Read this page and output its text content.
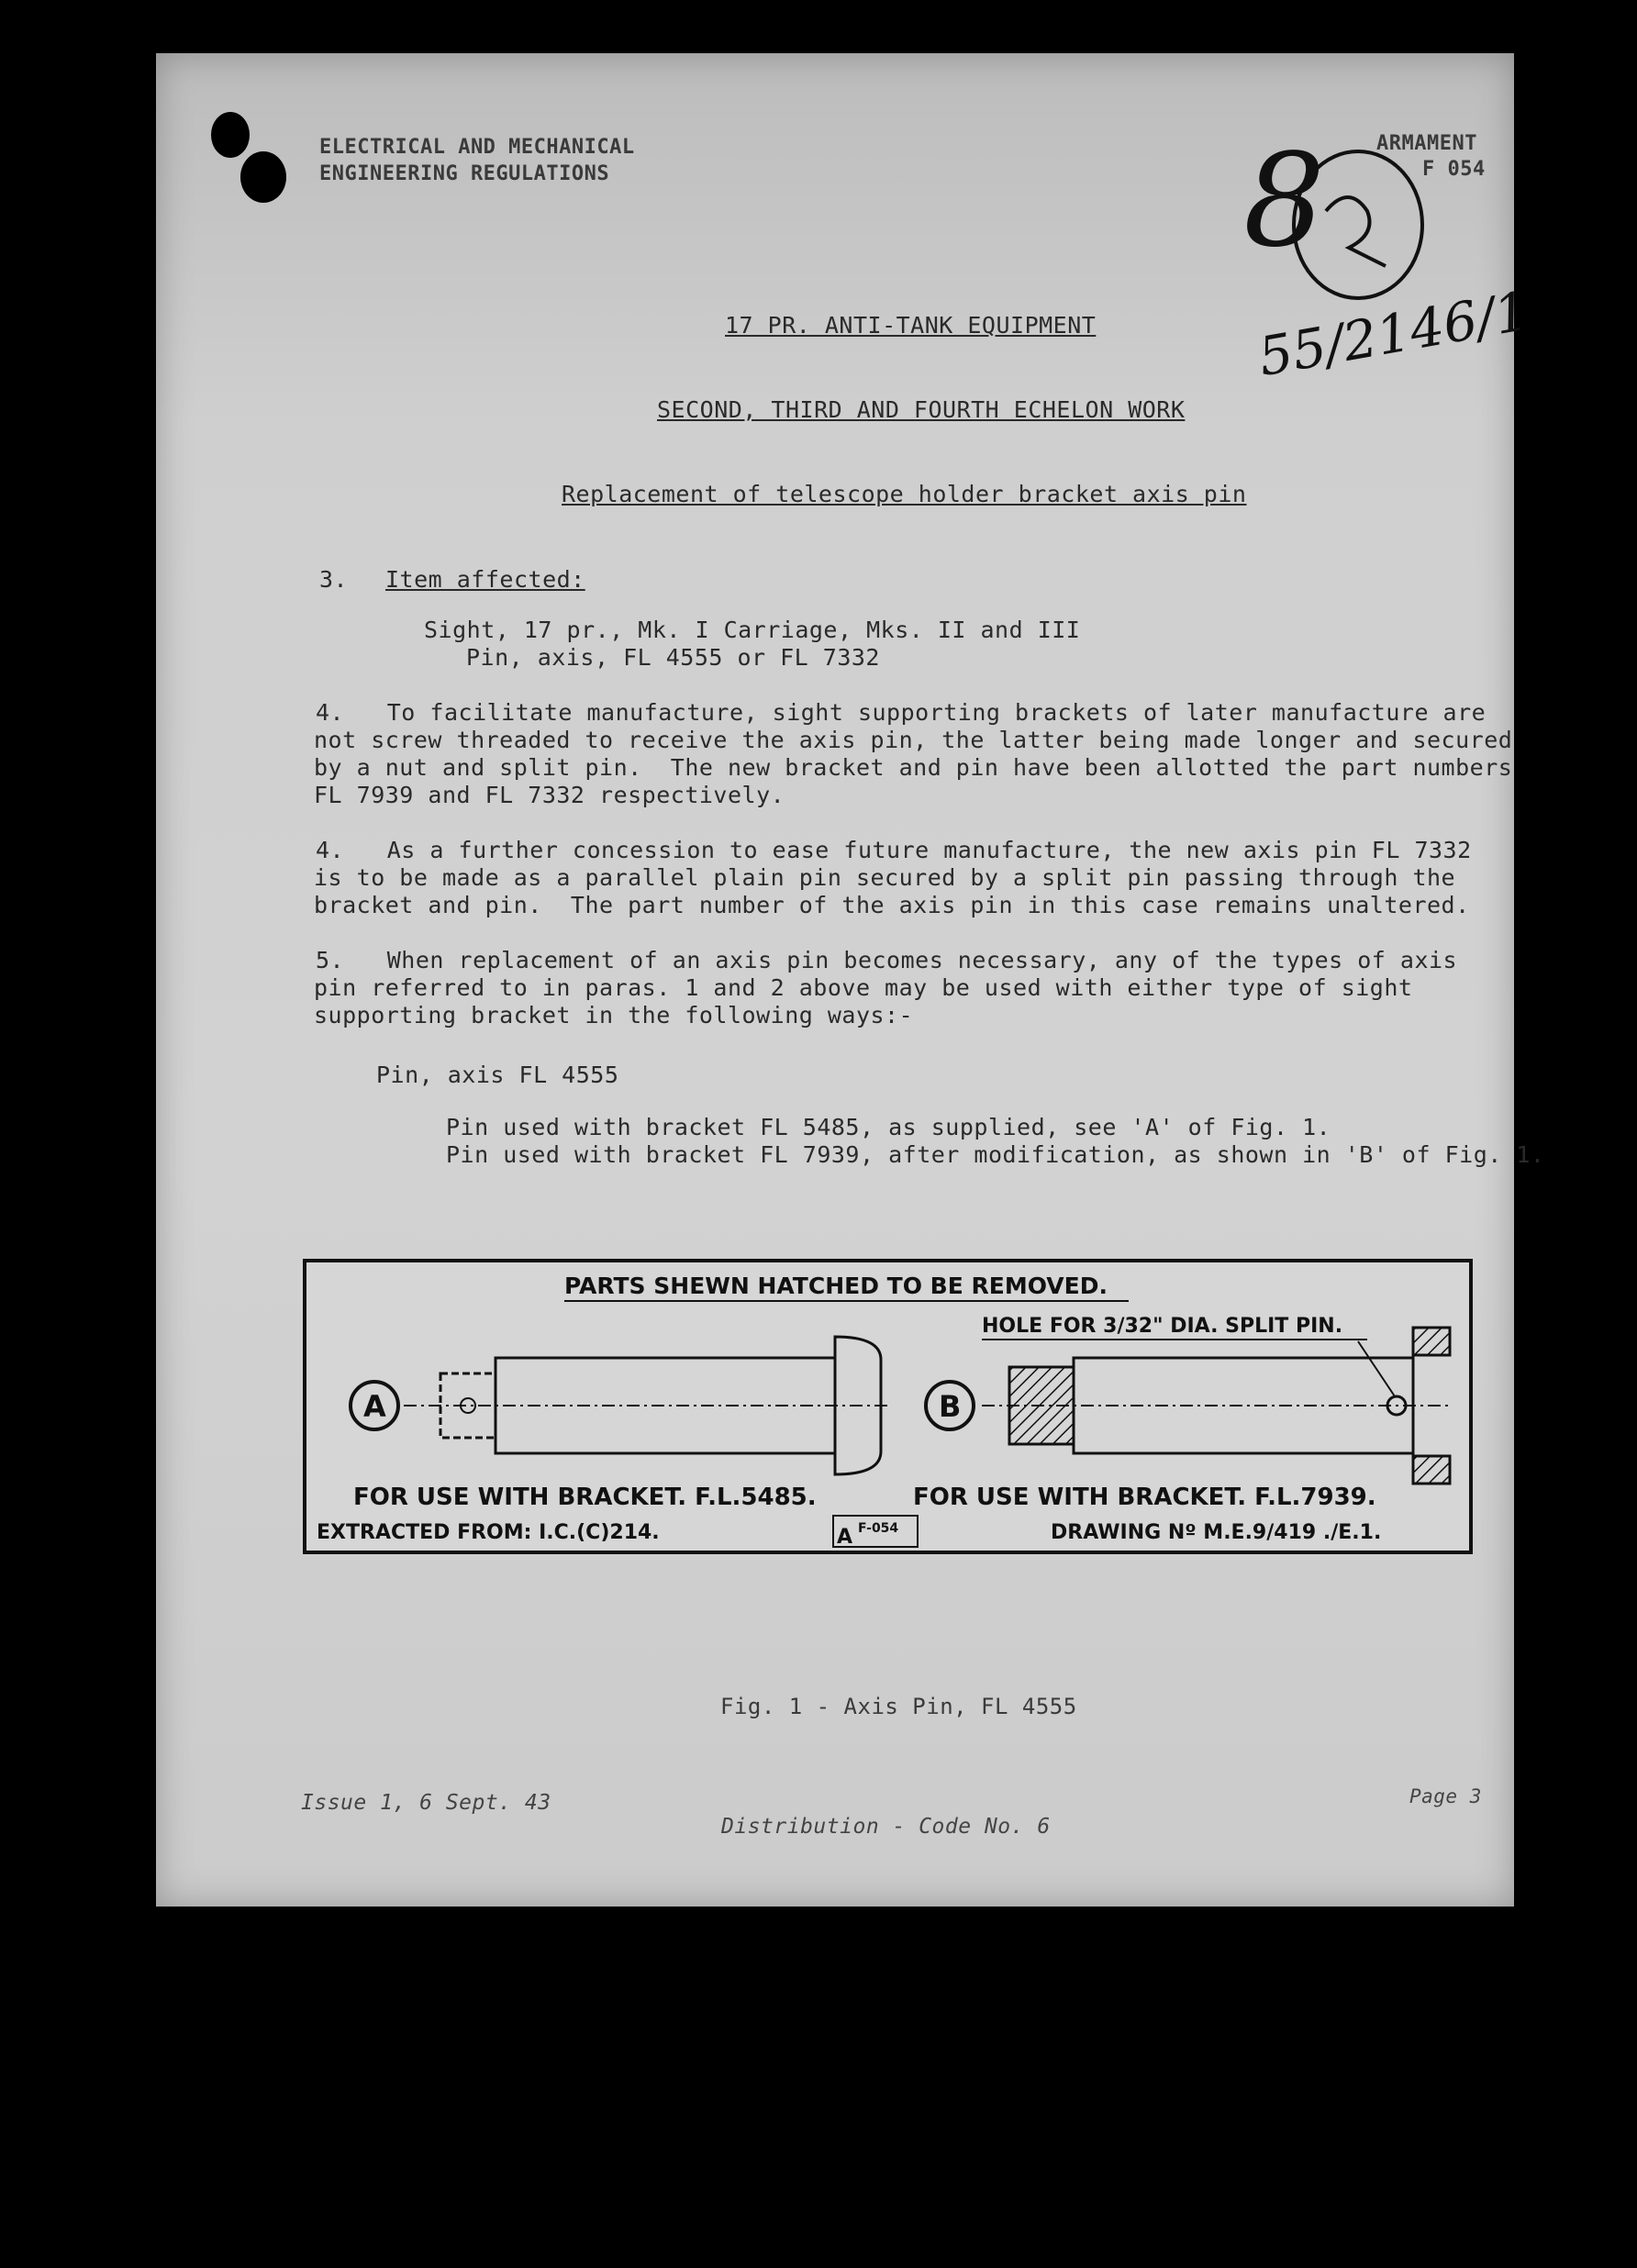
ELECTRICAL AND MECHANICAL
ENGINEERING REGULATIONS
ARMAMENT
F 054
8
55/2146/1
17 PR. ANTI-TANK EQUIPMENT
SECOND, THIRD AND FOURTH ECHELON WORK
Replacement of telescope holder bracket axis pin
3. Item affected:
Sight, 17 pr., Mk. I Carriage, Mks. II and III
Pin, axis, FL 4555 or FL 7332
4.   To facilitate manufacture, sight supporting brackets of later manufacture are
not screw threaded to receive the axis pin, the latter being made longer and secured
by a nut and split pin.  The new bracket and pin have been allotted the part numbers
FL 7939 and FL 7332 respectively.
4.   As a further concession to ease future manufacture, the new axis pin FL 7332
is to be made as a parallel plain pin secured by a split pin passing through the
bracket and pin.  The part number of the axis pin in this case remains unaltered.
5.   When replacement of an axis pin becomes necessary, any of the types of axis
pin referred to in paras. 1 and 2 above may be used with either type of sight
supporting bracket in the following ways:-
Pin, axis FL 4555
Pin used with bracket FL 5485, as supplied, see 'A' of Fig. 1.
Pin used with bracket FL 7939, after modification, as shown in 'B' of Fig. 1.
PARTS SHEWN HATCHED TO BE REMOVED.
A	B
HOLE FOR 3/32" DIA. SPLIT PIN.
FOR USE WITH BRACKET. F.L.5485.	FOR USE WITH BRACKET. F.L.7939.
EXTRACTED FROM: I.C.(C)214.	A F-054	DRAWING Nº M.E.9/419 ./E.1.
Fig. 1 - Axis Pin, FL 4555
Issue 1, 6 Sept. 43
Distribution - Code No. 6
Page 3
